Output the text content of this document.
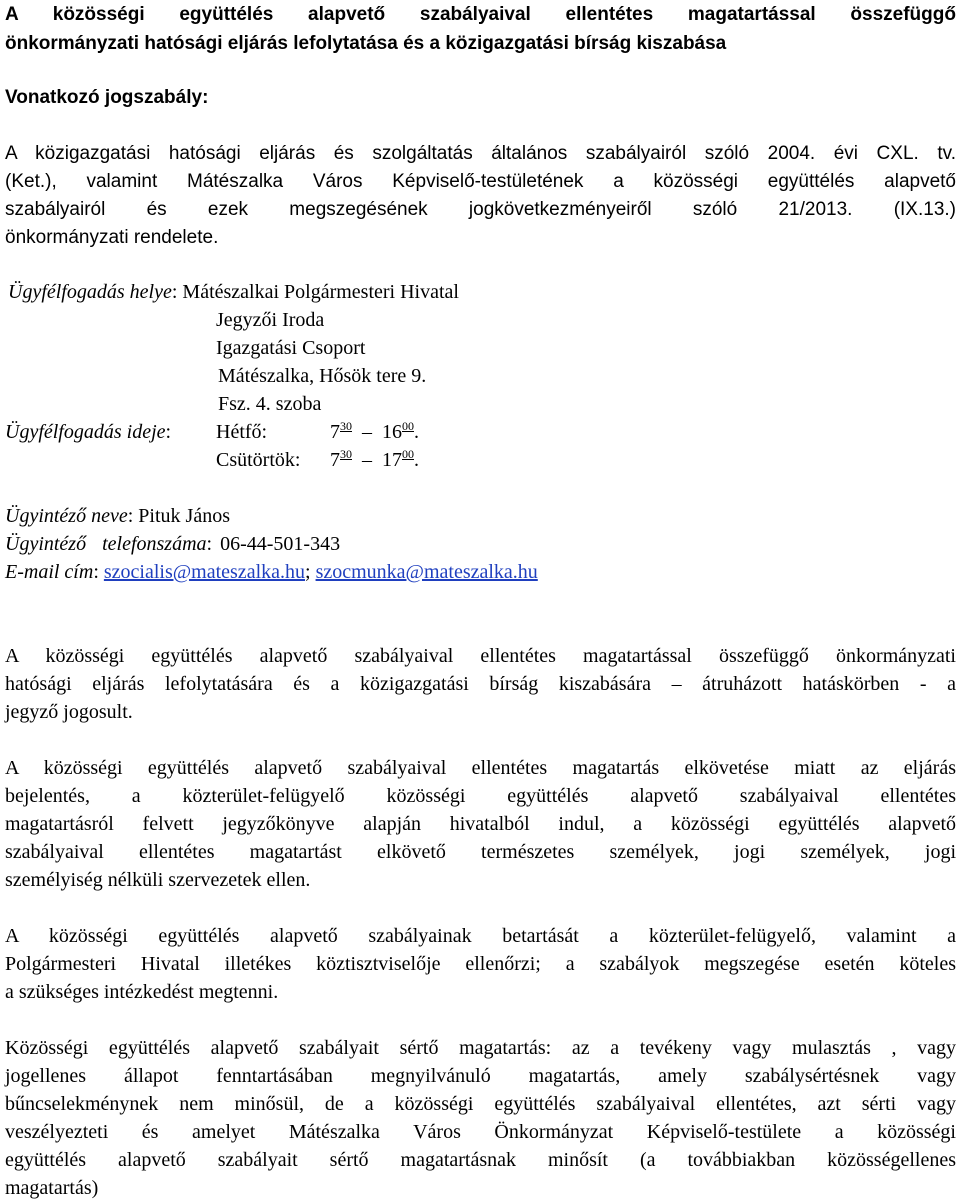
A közösségi együttélés alapvető szabályaival ellentétes magatartással összefüggő
önkormányzati hatósági eljárás lefolytatása és a közigazgatási bírság kiszabása
Vonatkozó jogszabály:
A közigazgatási hatósági eljárás és szolgáltatás általános szabályairól szóló 2004. évi CXL. tv.
(Ket.), valamint Mátészalka Város Képviselő-testületének a közösségi együttélés alapvető
szabályairól és ezek megszegésének jogkövetkezményeiről szóló 21/2013. (IX.13.)
önkormányzati rendelete.
Ügyfélfogadás helye: Mátészalkai Polgármesteri Hivatal
Jegyzői Iroda
Igazgatási Csoport
Mátészalka, Hősök tere 9.
Fsz. 4. szoba
Ügyfélfogadás ideje: Hétfő:	$7^{30} - 16^{00}$.
Csütörtök: $7^{30} - 17^{00}$.
Ügyintéző neve: Pituk János
Ügyintéző telefonszáma: 06-44-501-343
E-mail cím: szocialis@mateszalka.hu; szocmunka@mateszalka.hu
A közösségi együttélés alapvető szabályaival ellentétes magatartással összefüggő önkormányzati
hatósági eljárás lefolytatására és a közigazgatási bírság kiszabására – átruházott hatáskörben - a
jegyző jogosult.
A közösségi együttélés alapvető szabályaival ellentétes magatartás elkövetése miatt az eljárás
bejelentés, a közterület-felügyelő közösségi együttélés alapvető szabályaival ellentétes
magatartásról felvett jegyzőkönyve alapján hivatalból indul, a közösségi együttélés alapvető
szabályaival ellentétes magatartást elkövető természetes személyek, jogi személyek, jogi
személyiség nélküli szervezetek ellen.
A közösségi együttélés alapvető szabályainak betartását a közterület-felügyelő, valamint a
Polgármesteri Hivatal illetékes köztisztviselője ellenőrzi; a szabályok megszegése esetén köteles
a szükséges intézkedést megtenni.
Közösségi együttélés alapvető szabályait sértő magatartás: az a tevékeny vagy mulasztás , vagy
jogellenes állapot fenntartásában megnyilvánuló magatartás, amely szabálysértésnek vagy
bűncselekménynek nem minősül, de a közösségi együttélés szabályaival ellentétes, azt sérti vagy
veszélyezteti és amelyet Mátészalka Város Önkormányzat Képviselő-testülete a közösségi
együttélés alapvető szabályait sértő magatartásnak minősít (a továbbiakban közösségellenes
magatartás)
